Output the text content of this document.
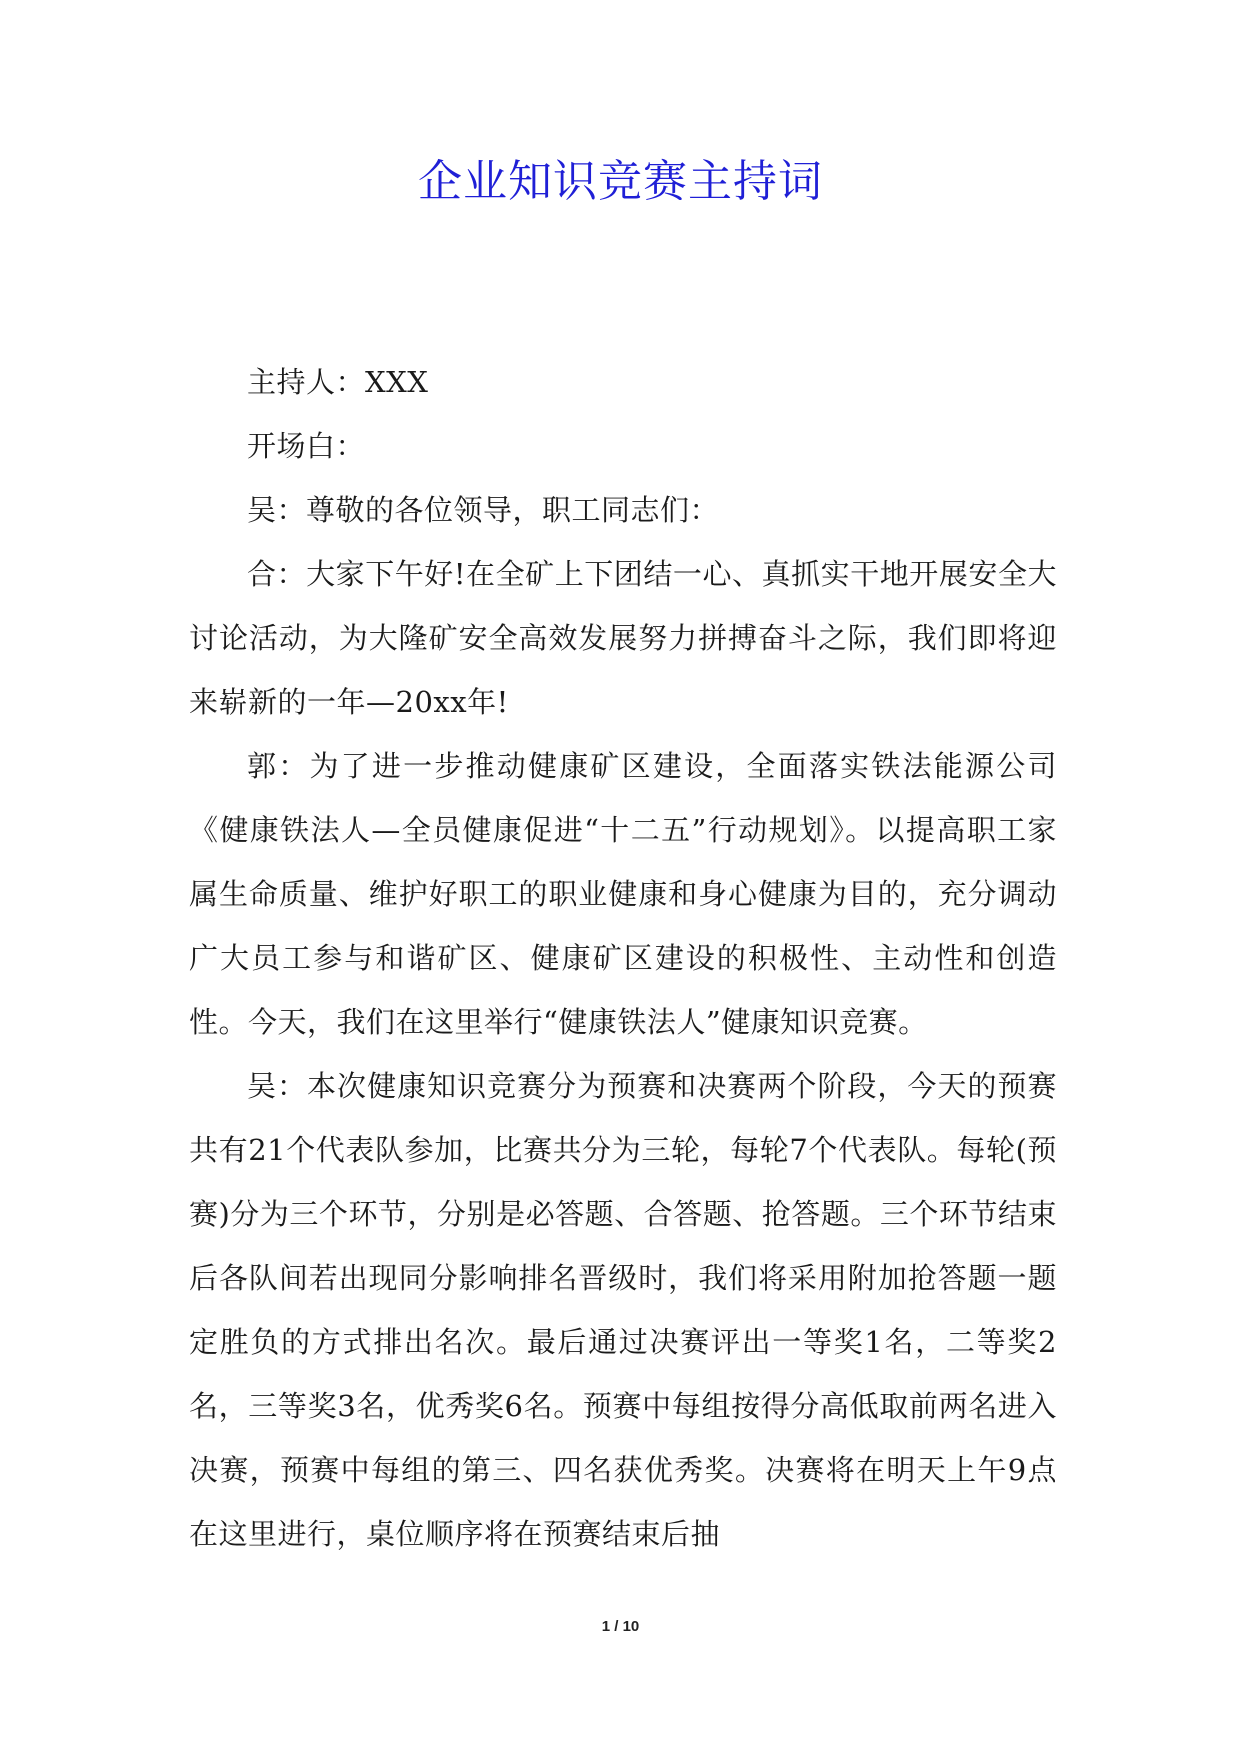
企业知识竞赛主持词

主持人：XXX

开场白：

吴：尊敬的各位领导，职工同志们：

合：大家下午好!在全矿上下团结一心、真抓实干地开展安全大讨论活动，为大隆矿安全高效发展努力拼搏奋斗之际，我们即将迎来崭新的一年—20xx年!

郭：为了进一步推动健康矿区建设，全面落实铁法能源公司《健康铁法人—全员健康促进“十二五”行动规划》。以提高职工家属生命质量、维护好职工的职业健康和身心健康为目的，充分调动广大员工参与和谐矿区、健康矿区建设的积极性、主动性和创造性。今天，我们在这里举行“健康铁法人”健康知识竞赛。

吴：本次健康知识竞赛分为预赛和决赛两个阶段，今天的预赛共有21个代表队参加，比赛共分为三轮，每轮7个代表队。每轮(预赛)分为三个环节，分别是必答题、合答题、抢答题。三个环节结束后各队间若出现同分影响排名晋级时，我们将采用附加抢答题一题定胜负的方式排出名次。最后通过决赛评出一等奖1名，二等奖2名，三等奖3名，优秀奖6名。预赛中每组按得分高低取前两名进入决赛，预赛中每组的第三、四名获优秀奖。决赛将在明天上午9点在这里进行，桌位顺序将在预赛结束后抽

1 / 10
